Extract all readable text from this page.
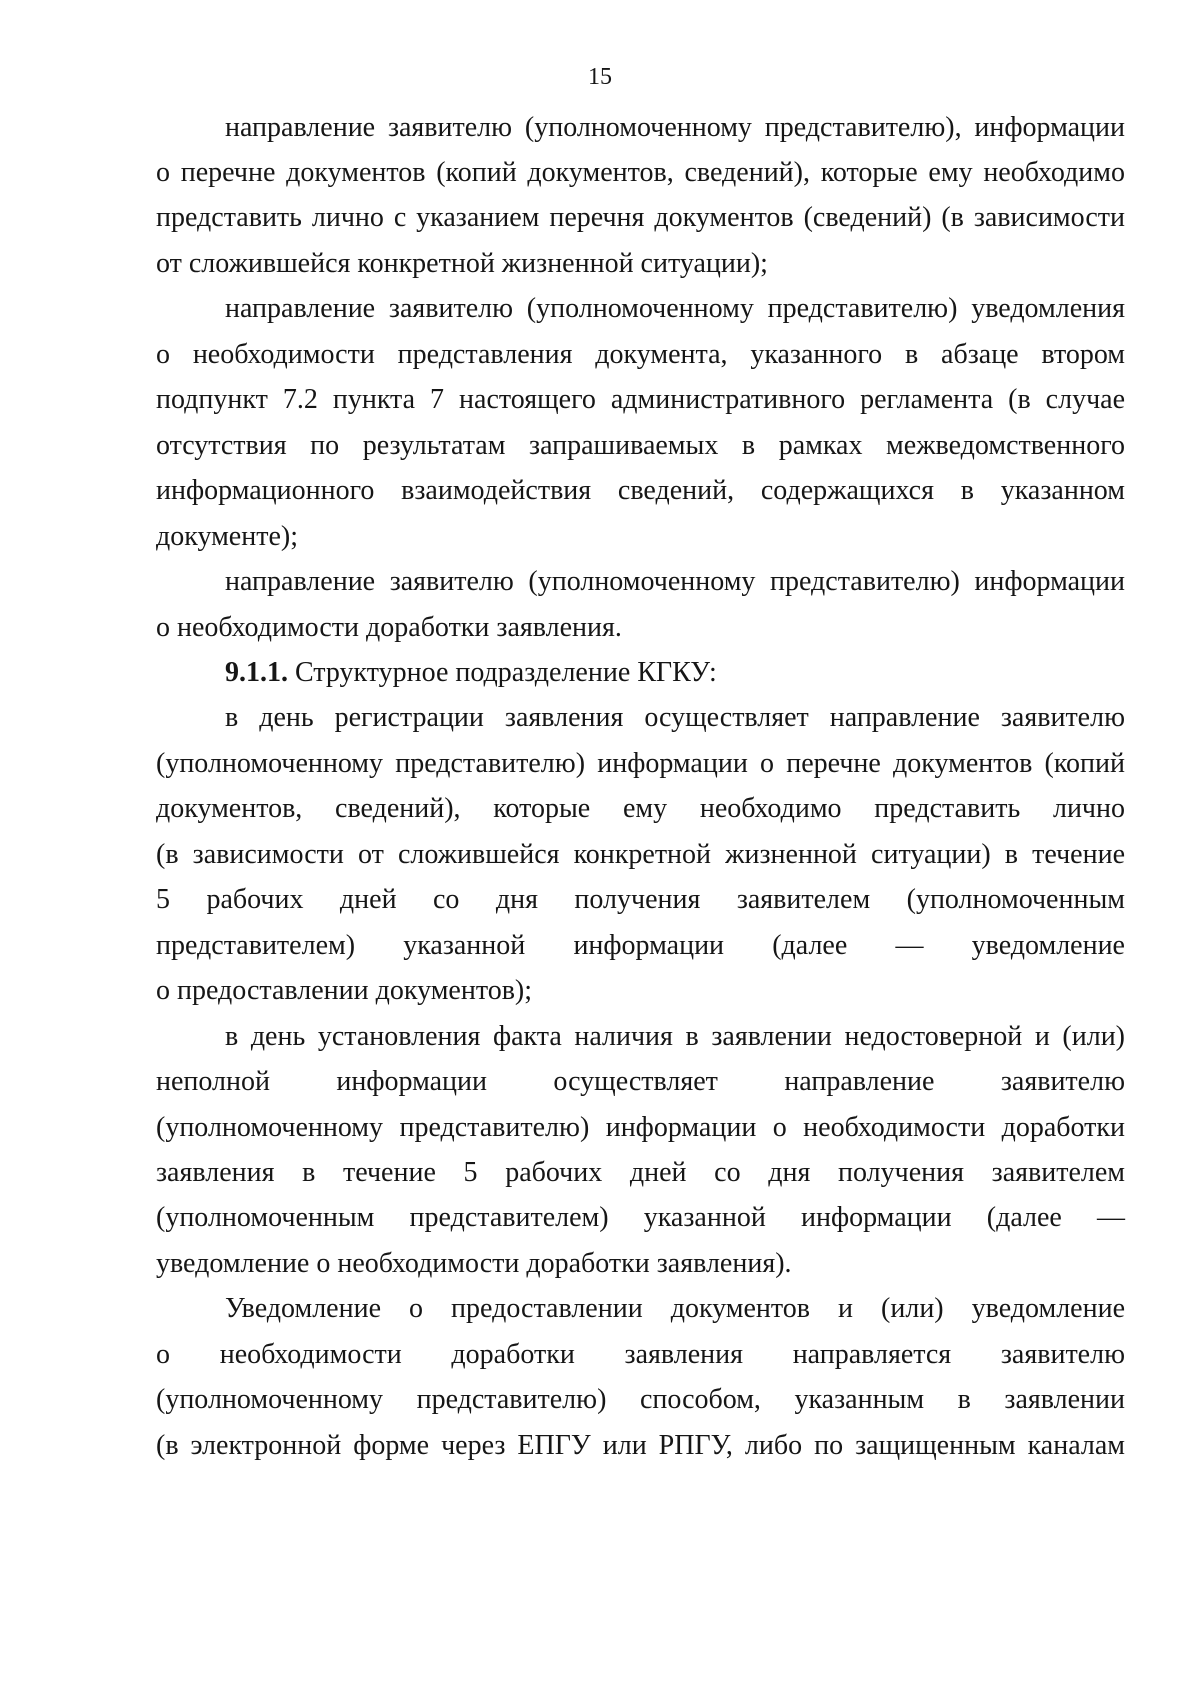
15
направление заявителю (уполномоченному представителю), информации
о перечне документов (копий документов, сведений), которые ему необходимо
представить лично с указанием перечня документов (сведений) (в зависимости
от сложившейся конкретной жизненной ситуации);
направление заявителю (уполномоченному представителю) уведомления
о необходимости представления документа, указанного в абзаце втором
подпункт 7.2 пункта 7 настоящего административного регламента (в случае
отсутствия по результатам запрашиваемых в рамках межведомственного
информационного взаимодействия сведений, содержащихся в указанном
документе);
направление заявителю (уполномоченному представителю) информации
о необходимости доработки заявления.
9.1.1. Структурное подразделение КГКУ:
в день регистрации заявления осуществляет направление заявителю
(уполномоченному представителю) информации о перечне документов (копий
документов, сведений), которые ему необходимо представить лично
(в зависимости от сложившейся конкретной жизненной ситуации) в течение
5 рабочих дней со дня получения заявителем (уполномоченным
представителем) указанной информации (далее — уведомление
о предоставлении документов);
в день установления факта наличия в заявлении недостоверной и (или)
неполной информации осуществляет направление заявителю
(уполномоченному представителю) информации о необходимости доработки
заявления в течение 5 рабочих дней со дня получения заявителем
(уполномоченным представителем) указанной информации (далее —
уведомление о необходимости доработки заявления).
Уведомление о предоставлении документов и (или) уведомление
о необходимости доработки заявления направляется заявителю
(уполномоченному представителю) способом, указанным в заявлении
(в электронной форме через ЕПГУ или РПГУ, либо по защищенным каналам
